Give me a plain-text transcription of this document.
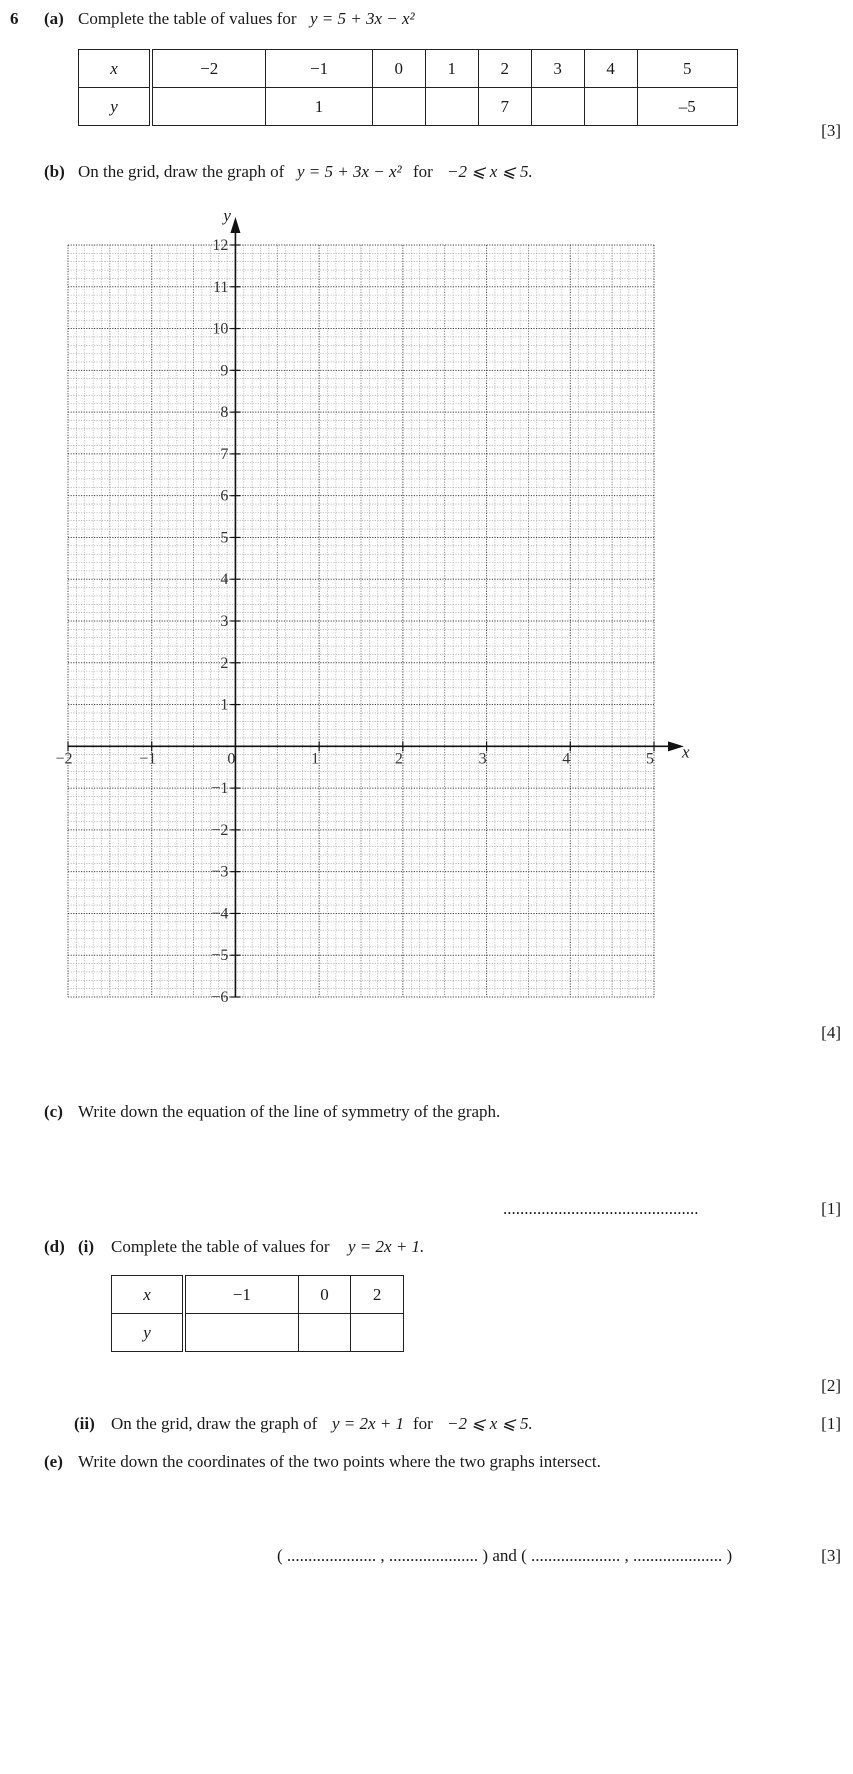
6 (a) Complete the table of values for y = 5 + 3x − x²
x	−2	−1	0	1	2	3	4	5
y		1			7			–5
[3]
(b) On the grid, draw the graph of y = 5 + 3x − x² for −2 ⩽ x ⩽ 5.
x
y
−2	−1	0	1	2	3	4	5
12
11
10
9
8
7
6
5
4
3
2
1
−1
−2
−3
−4
−5
−6
[4]
(c) Write down the equation of the line of symmetry of the graph.
..............................................	[1]
(d) (i) Complete the table of values for y = 2x + 1.
x	−1	0	2
y			
[2]
(ii) On the grid, draw the graph of y = 2x + 1 for −2 ⩽ x ⩽ 5.	[1]
(e) Write down the coordinates of the two points where the two graphs intersect.
( ..................... , ..................... ) and ( ..................... , ..................... )	[3]
